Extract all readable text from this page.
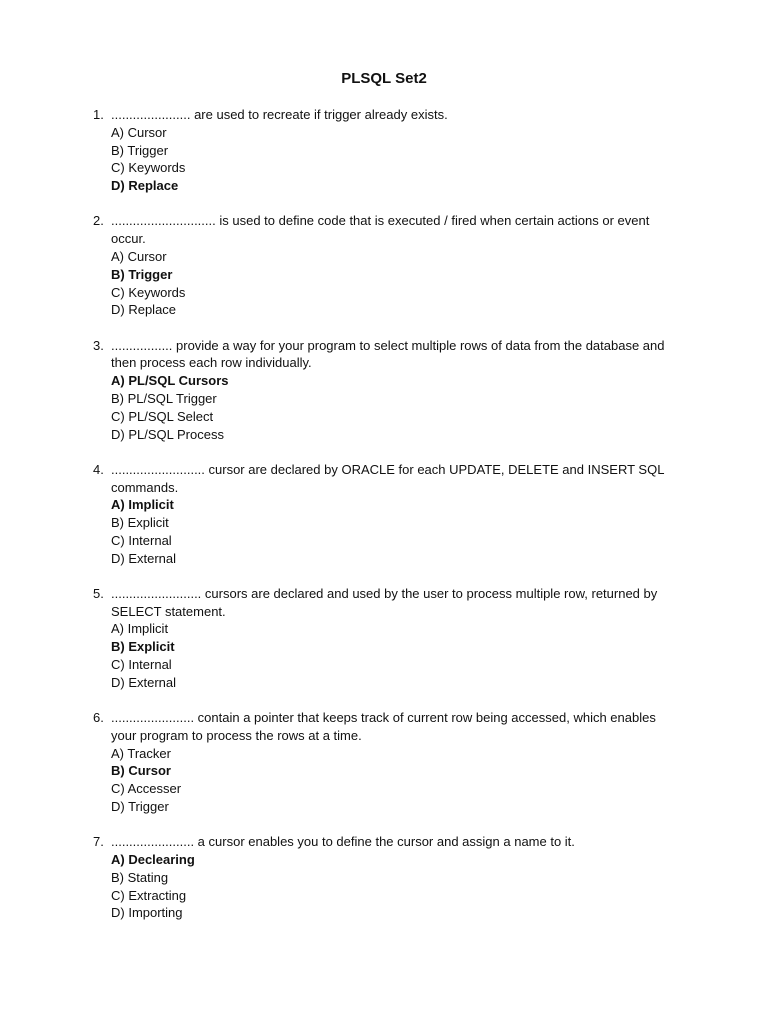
PLSQL Set2
1. ...................... are used to recreate if trigger already exists.
A) Cursor
B) Trigger
C) Keywords
D) Replace
2. ............................. is used to define code that is executed / fired when certain actions or event occur.
A) Cursor
B) Trigger
C) Keywords
D) Replace
3. ................. provide a way for your program to select multiple rows of data from the database and then process each row individually.
A) PL/SQL Cursors
B) PL/SQL Trigger
C) PL/SQL Select
D) PL/SQL Process
4. .......................... cursor are declared by ORACLE for each UPDATE, DELETE and INSERT SQL commands.
A) Implicit
B) Explicit
C) Internal
D) External
5. ......................... cursors are declared and used by the user to process multiple row, returned by SELECT statement.
A) Implicit
B) Explicit
C) Internal
D) External
6. ....................... contain a pointer that keeps track of current row being accessed, which enables your program to process the rows at a time.
A) Tracker
B) Cursor
C) Accesser
D) Trigger
7. ....................... a cursor enables you to define the cursor and assign a name to it.
A) Declearing
B) Stating
C) Extracting
D) Importing
